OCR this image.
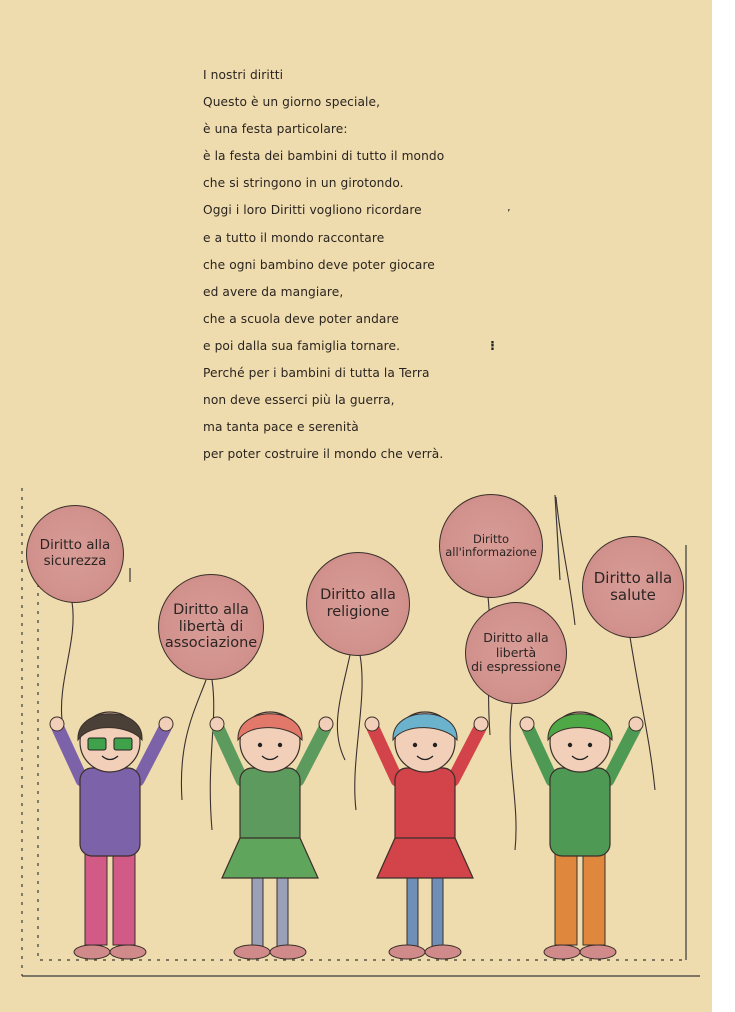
I nostri diritti
Questo è un giorno speciale,
è una festa particolare:
è la festa dei bambini di tutto il mondo
che si stringono in un girotondo.
Oggi i loro Diritti vogliono ricordare
e a tutto il mondo raccontare
che ogni bambino deve poter giocare
ed avere da mangiare,
che a scuola deve poter andare
e poi dalla sua famiglia tornare.
Perché per i bambini di tutta la Terra
non deve esserci più la guerra,
ma tanta pace e serenità
per poter costruire il mondo che verrà.
ʼ
⁝
Diritto alla
sicurezza
Diritto alla
libertà di
associazione
Diritto alla
religione
Diritto
all'informazione
Diritto alla
libertà
di espressione
Diritto alla
salute
